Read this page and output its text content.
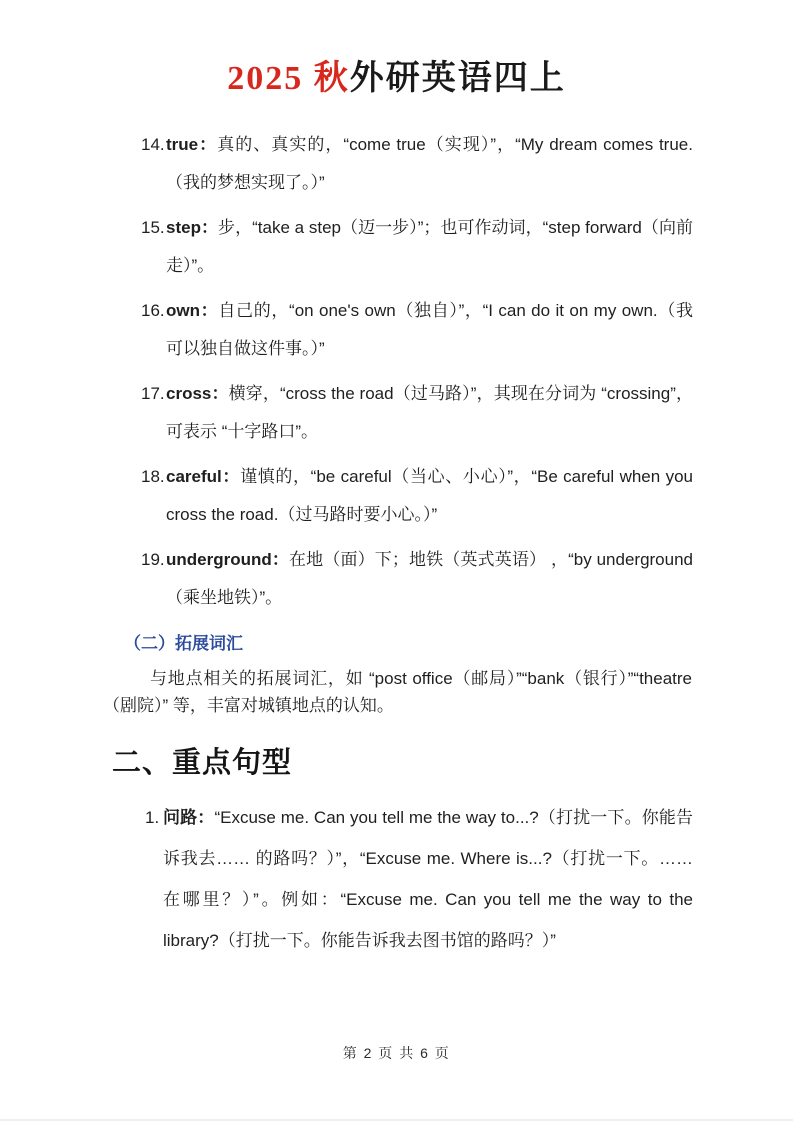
2025 秋外研英语四上
14. true：真的、真实的，“come true（实现）”，“My dream comes true.（我的梦想实现了。）”
15. step：步，“take a step（迈一步）”；也可作动词，“step forward（向前走）”。
16. own：自己的，“on one's own（独自）”，“I can do it on my own.（我可以独自做这件事。）”
17. cross：横穿，“cross the road（过马路）”，其现在分词为 “crossing”，可表示 “十字路口”。
18. careful：谨慎的，“be careful（当心、小心）”，“Be careful when you cross the road.（过马路时要小心。）”
19. underground：在地（面）下；地铁（英式英语） ，“by underground（乘坐地铁）”。
（二）拓展词汇

与地点相关的拓展词汇，如 “post office（邮局）”“bank（银行）”“theatre（剧院）” 等，丰富对城镇地点的认知。

二、重点句型
1. 问路：“Excuse me. Can you tell me the way to...?（打扰一下。你能告诉我去…… 的路吗？）”，“Excuse me. Where is...?（打扰一下。…… 在哪里？）”。例如：“Excuse me. Can you tell me the way to the library?（打扰一下。你能告诉我去图书馆的路吗？）”
第 2 页 共 6 页
